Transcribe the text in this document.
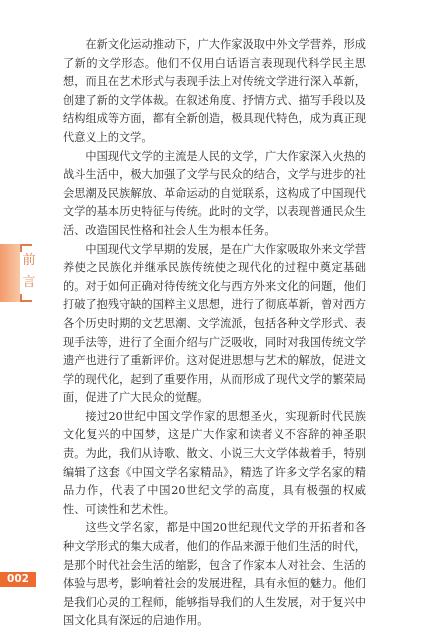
前言

在新文化运动推动下，广大作家汲取中外文学营养，形成了新的文学形态。他们不仅用白话语言表现现代科学民主思想，而且在艺术形式与表现手法上对传统文学进行深入革新，创建了新的文学体裁。在叙述角度、抒情方式、描写手段以及结构组成等方面，都有全新创造，极具现代特色，成为真正现代意义上的文学。

中国现代文学的主流是人民的文学，广大作家深入火热的战斗生活中，极大加强了文学与民众的结合，文学与进步的社会思潮及民族解放、革命运动的自觉联系，这构成了中国现代文学的基本历史特征与传统。此时的文学，以表现普通民众生活、改造国民性格和社会人生为根本任务。

中国现代文学早期的发展，是在广大作家吸取外来文学营养使之民族化并继承民族传统使之现代化的过程中奠定基础的。对于如何正确对待传统文化与西方外来文化的问题，他们打破了抱残守缺的国粹主义思想，进行了彻底革新，曾对西方各个历史时期的文艺思潮、文学流派，包括各种文学形式、表现手法等，进行了全面介绍与广泛吸收，同时对我国传统文学遗产也进行了重新评价。这对促进思想与艺术的解放，促进文学的现代化，起到了重要作用，从而形成了现代文学的繁荣局面，促进了广大民众的觉醒。

接过20世纪中国文学作家的思想圣火，实现新时代民族文化复兴的中国梦，这是广大作家和读者义不容辞的神圣职责。为此，我们从诗歌、散文、小说三大文学体裁着手，特别编辑了这套《中国文学名家精品》，精选了许多文学名家的精品力作，代表了中国20世纪文学的高度，具有极强的权威性、可读性和艺术性。

这些文学名家，都是中国20世纪现代文学的开拓者和各种文学形式的集大成者，他们的作品来源于他们生活的时代，是那个时代社会生活的缩影，包含了作家本人对社会、生活的体验与思考，影响着社会的发展进程，具有永恒的魅力。他们是我们心灵的工程师，能够指导我们的人生发展，对于复兴中国文化具有深远的启迪作用。

002
